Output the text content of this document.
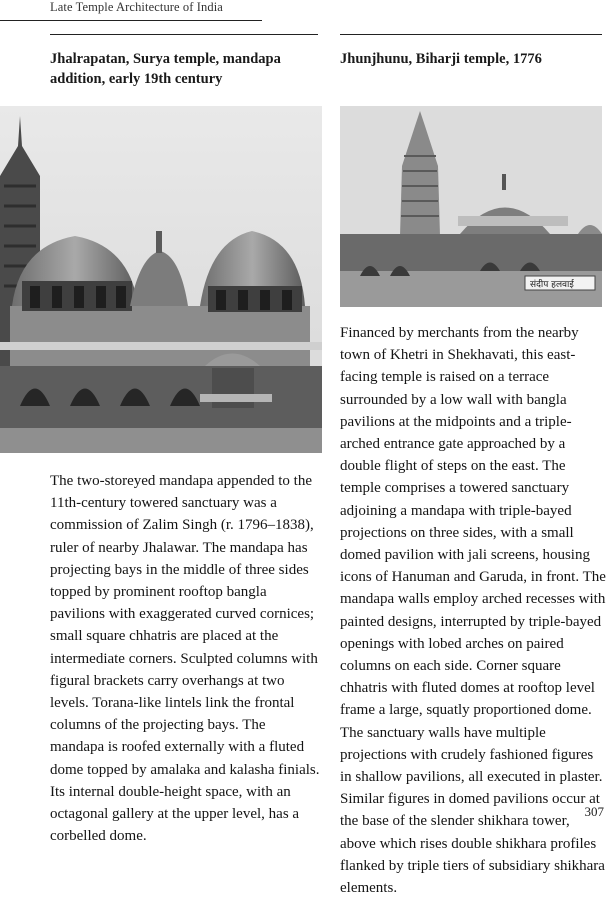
Late Temple Architecture of India
Jhalrapatan, Surya temple, mandapa addition, early 19th century
Jhunjhunu, Biharji temple, 1776
संदीप हलवाई
The two-storeyed mandapa appended to the 11th-century towered sanctuary was a commission of Zalim Singh (r. 1796–1838), ruler of nearby Jhalawar. The mandapa has projecting bays in the middle of three sides topped by prominent rooftop bangla pavilions with exaggerated curved cornices; small square chhatris are placed at the intermediate corners. Sculpted columns with figural brackets carry overhangs at two levels. Torana-like lintels link the frontal columns of the projecting bays. The mandapa is roofed externally with a fluted dome topped by amalaka and kalasha finials. Its internal double-height space, with an octagonal gallery at the upper level, has a corbelled dome.
Financed by merchants from the nearby town of Khetri in Shekhavati, this east-facing temple is raised on a terrace surrounded by a low wall with bangla pavilions at the midpoints and a triple-arched entrance gate approached by a double flight of steps on the east. The temple comprises a towered sanctuary adjoining a mandapa with triple-bayed projections on three sides, with a small domed pavilion with jali screens, housing icons of Hanuman and Garuda, in front. The mandapa walls employ arched recesses with painted designs, interrupted by triple-bayed openings with lobed arches on paired columns on each side. Corner square chhatris with fluted domes at rooftop level frame a large, squatly proportioned dome. The sanctuary walls have multiple projections with crudely fashioned figures in shallow pavilions, all executed in plaster. Similar figures in domed pavilions occur at the base of the slender shikhara tower, above which rises double shikhara profiles flanked by triple tiers of subsidiary shikhara elements.
307
